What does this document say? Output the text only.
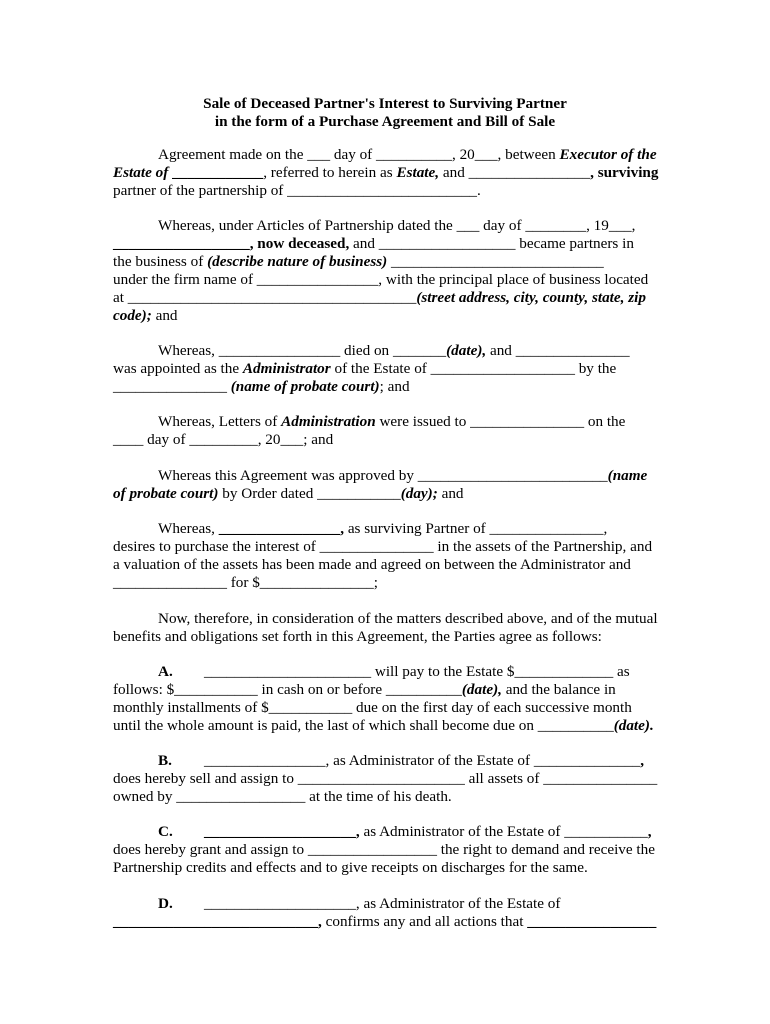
Sale of Deceased Partner's Interest to Surviving Partner
in the form of a Purchase Agreement and Bill of Sale
Agreement made on the ___ day of __________, 20___, between Executor of the
Estate of ____________, referred to herein as Estate, and ________________, surviving
partner of the partnership of _________________________.
Whereas, under Articles of Partnership dated the ___ day of ________, 19___,
__________________, now deceased, and __________________ became partners in
the business of (describe nature of business) ____________________________
under the firm name of ________________, with the principal place of business located
at ______________________________________(street address, city, county, state, zip
code); and
Whereas, ________________ died on _______(date), and _______________
was appointed as the Administrator of the Estate of ___________________ by the
_______________ (name of probate court); and
Whereas, Letters of Administration were issued to _______________ on the
____ day of _________, 20___; and
Whereas this Agreement was approved by _________________________(name
of probate court) by Order dated ___________(day); and
Whereas, ________________, as surviving Partner of _______________,
desires to purchase the interest of _______________ in the assets of the Partnership, and
a valuation of the assets has been made and agreed on between the Administrator and
_______________ for $_______________;
Now, therefore, in consideration of the matters described above, and of the mutual
benefits and obligations set forth in this Agreement, the Parties agree as follows:
A. ______________________ will pay to the Estate $_____________ as
follows: $___________ in cash on or before __________(date), and the balance in
monthly installments of $___________ due on the first day of each successive month
until the whole amount is paid, the last of which shall become due on __________(date).
B. ________________, as Administrator of the Estate of ______________,
does hereby sell and assign to ______________________ all assets of _______________
owned by _________________ at the time of his death.
C. ____________________, as Administrator of the Estate of ___________,
does hereby grant and assign to _________________ the right to demand and receive the
Partnership credits and effects and to give receipts on discharges for the same.
D. ____________________, as Administrator of the Estate of
___________________________, confirms any and all actions that _________________
